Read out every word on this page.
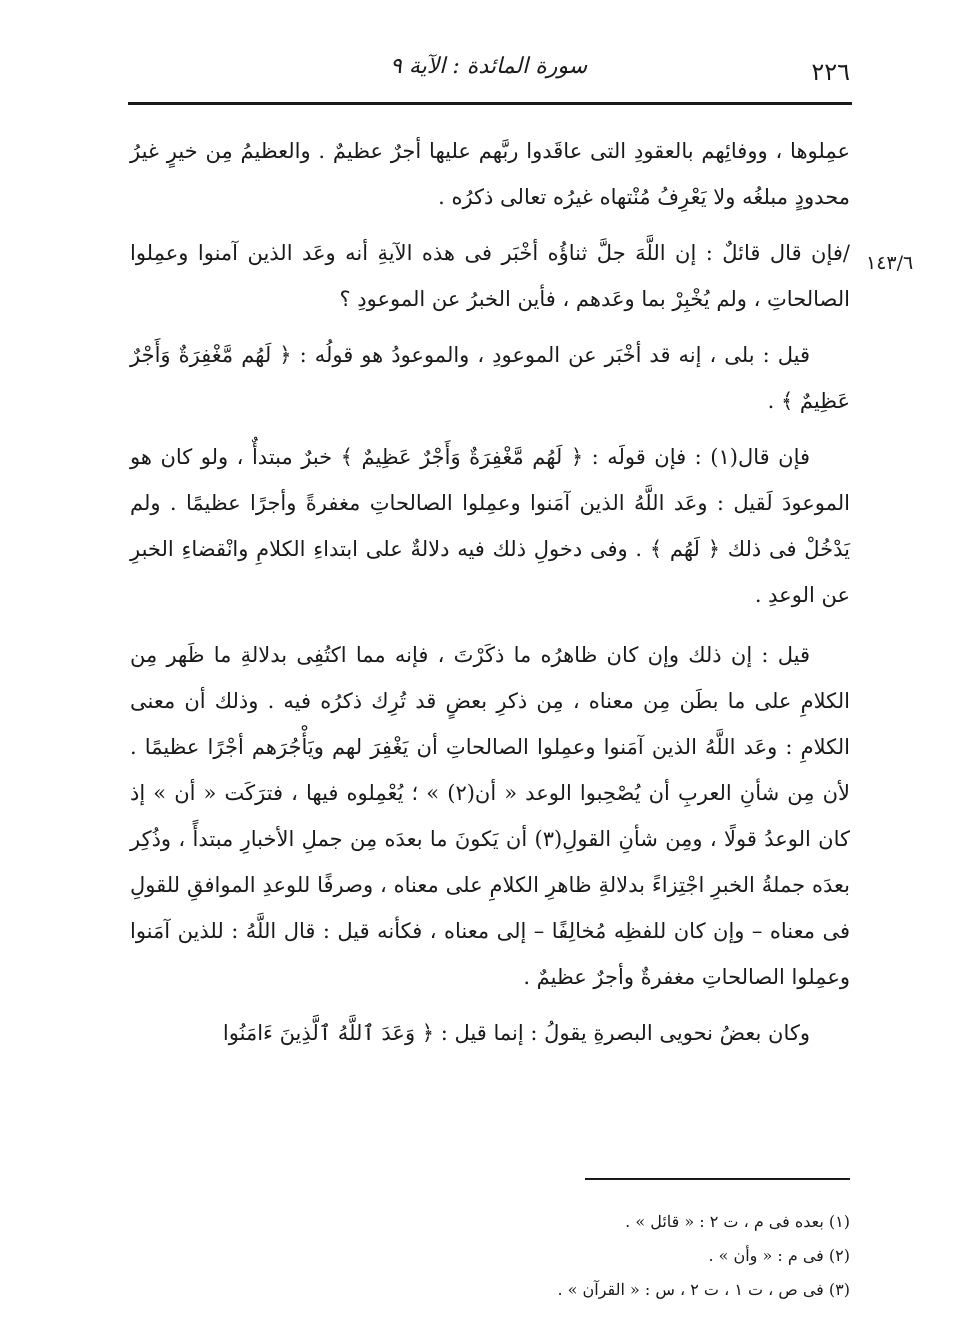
٢٢٦
سورة المائدة : الآية ٩
١٤٣/٦

عمِلوها ، ووفائِهم بالعقودِ التى عاقَدوا ربَّهم عليها أجرٌ عظيمٌ . والعظيمُ مِن خيرٍ غيرُ محدودٍ مبلغُه ولا يَعْرِفُ مُنْتهاه غيرُه تعالى ذكرُه .

/فإن قال قائلٌ : إن اللَّهَ جلَّ ثناؤُه أخْبَر فى هذه الآيةِ أنه وعَد الذين آمنوا وعمِلوا الصالحاتِ ، ولم يُخْبِرْ بما وعَدهم ، فأين الخبرُ عن الموعودِ ؟

قيل : بلى ، إنه قد أخْبَر عن الموعودِ ، والموعودُ هو قولُه : ﴿ لَهُم مَّغْفِرَةٌ وَأَجْرٌ عَظِيمٌ ﴾ .

فإن قال(١) : فإن قولَه : ﴿ لَهُم مَّغْفِرَةٌ وَأَجْرٌ عَظِيمٌ ﴾ خبرٌ مبتدأٌ ، ولو كان هو الموعودَ لَقيل : وعَد اللَّهُ الذين آمَنوا وعمِلوا الصالحاتِ مغفرةً وأجرًا عظيمًا . ولم يَدْخُلْ فى ذلك ﴿ لَهُم ﴾ . وفى دخولِ ذلك فيه دلالةٌ على ابتداءِ الكلامِ وانْقضاءِ الخبرِ عن الوعدِ .

قيل : إن ذلك وإن كان ظاهرُه ما ذكَرْتَ ، فإنه مما اكتُفِى بدلالةِ ما ظَهر مِن الكلامِ على ما بطَن مِن معناه ، مِن ذكرِ بعضٍ قد تُرِك ذكرُه فيه . وذلك أن معنى الكلامِ : وعَد اللَّهُ الذين آمَنوا وعمِلوا الصالحاتِ أن يَغْفِرَ لهم ويَأْجُرَهم أجْرًا عظيمًا . لأن مِن شأنِ العربِ أن يُصْحِبوا الوعد « أن(٢) » ؛ يُعْمِلوه فيها ، فترَكَت « أن » إذ كان الوعدُ قولًا ، ومِن شأنِ القولِ(٣) أن يَكونَ ما بعدَه مِن جملِ الأخبارِ مبتدأً ، وذُكِر بعدَه جملةُ الخبرِ اجْتِزاءً بدلالةِ ظاهرِ الكلامِ على معناه ، وصرفًا للوعدِ الموافقِ للقولِ فى معناه – وإن كان للفظِه مُخالِفًا – إلى معناه ، فكأنه قيل : قال اللَّهُ : للذين آمَنوا وعمِلوا الصالحاتِ مغفرةٌ وأجرٌ عظيمٌ .

وكان بعضُ نحويى البصرةِ يقولُ : إنما قيل : ﴿ وَعَدَ ٱللَّهُ ٱلَّذِينَ ءَامَنُوا

(١) بعده فى م ، ت ٢ : « قائل » .

(٢) فى م : « وأن » .

(٣) فى ص ، ت ١ ، ت ٢ ، س : « القرآن » .
